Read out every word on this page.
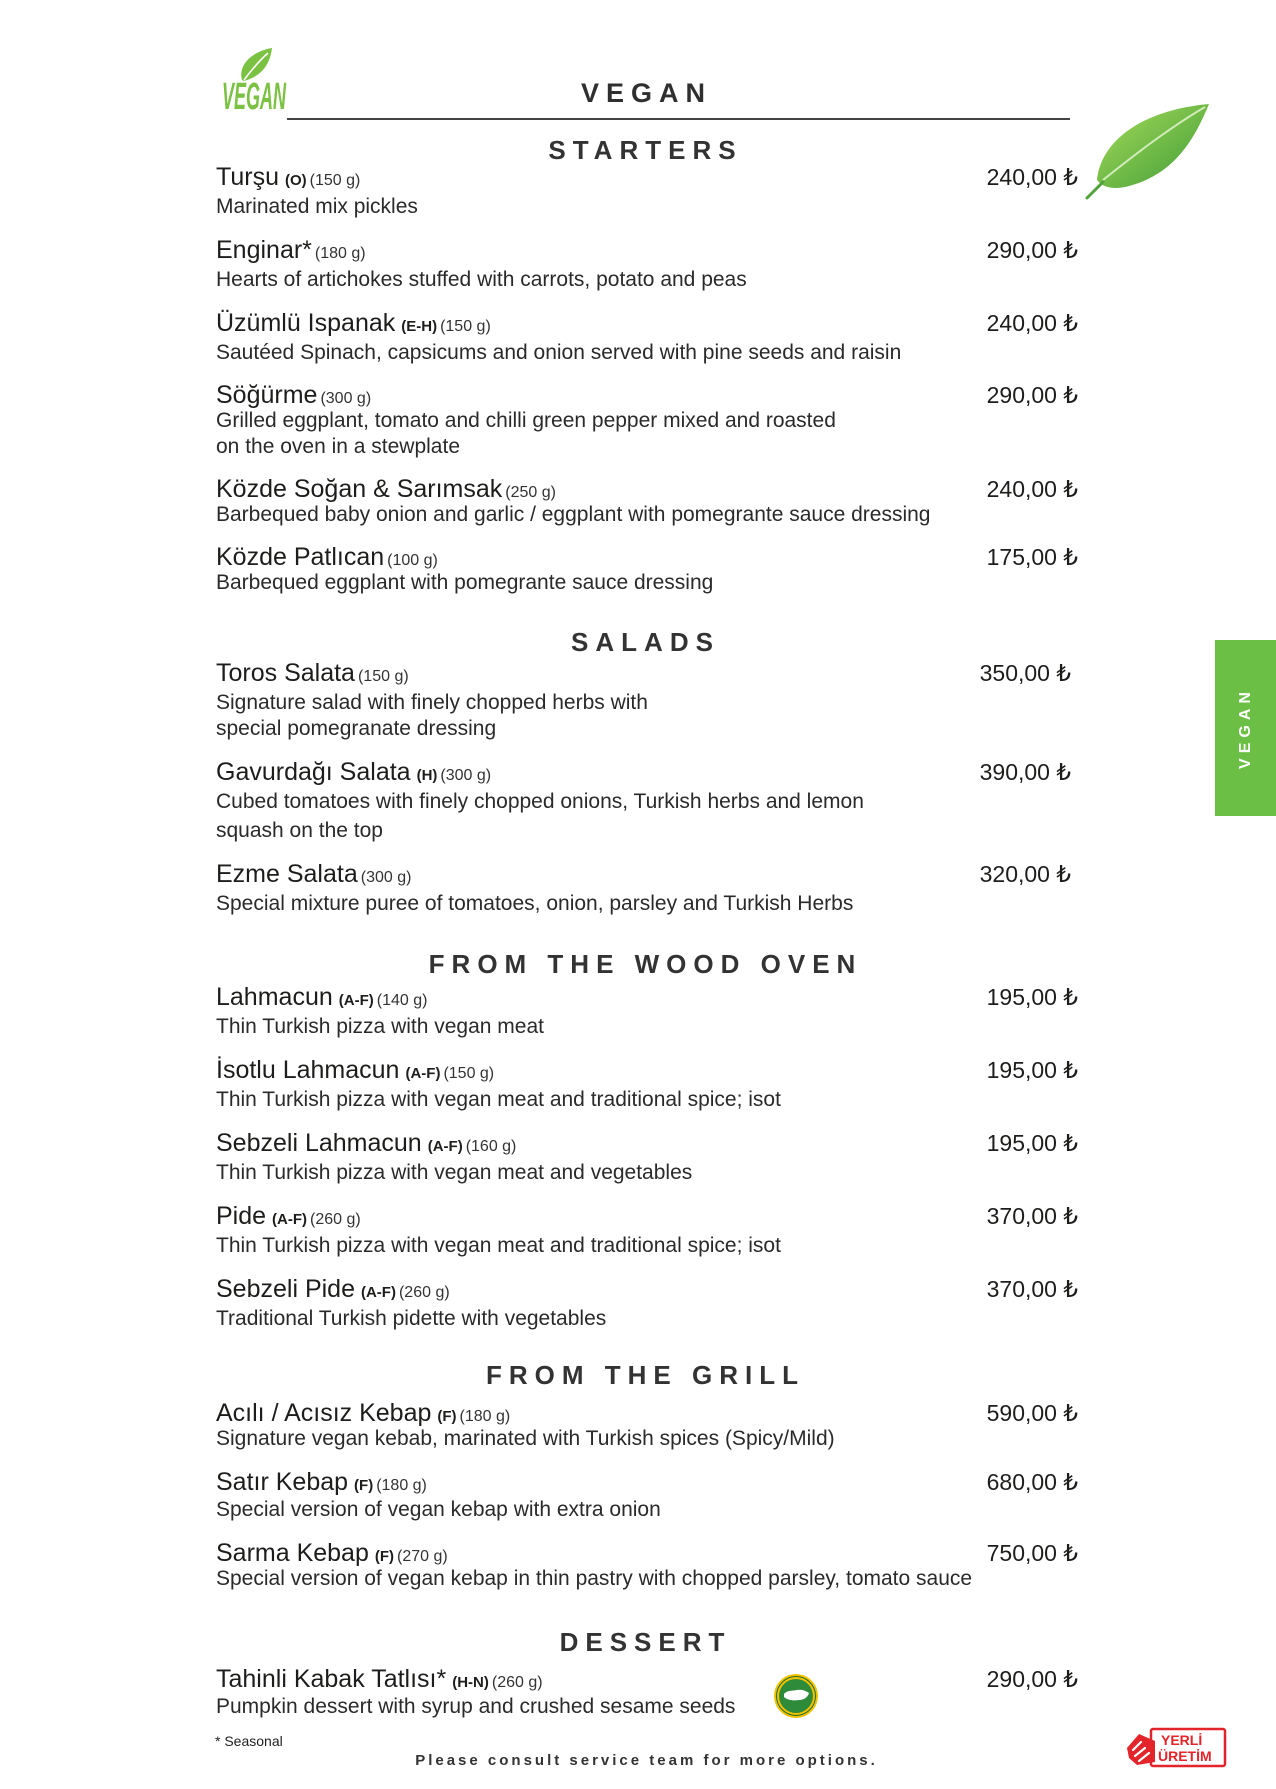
VEGAN	VEGAN
VEGAN
STARTERS
Turşu (O) (150 g)	240,00 ₺
Marinated mix pickles
Enginar* (180 g)	290,00 ₺
Hearts of artichokes stuffed with carrots, potato and peas
Üzümlü Ispanak (E-H) (150 g)	240,00 ₺
Sautéed Spinach, capsicums and onion served with pine seeds and raisin
Söğürme (300 g)	290,00 ₺
Grilled eggplant, tomato and chilli green pepper mixed and roasted
on the oven in a stewplate
Közde Soğan & Sarımsak (250 g)	240,00 ₺
Barbequed baby onion and garlic / eggplant with pomegrante sauce dressing
Közde Patlıcan (100 g)	175,00 ₺
Barbequed eggplant with pomegrante sauce dressing
SALADS
Toros Salata (150 g)	350,00 ₺
Signature salad with finely chopped herbs with
special pomegranate dressing
Gavurdağı Salata (H) (300 g)	390,00 ₺
Cubed tomatoes with finely chopped onions, Turkish herbs and lemon
squash on the top
Ezme Salata (300 g)	320,00 ₺
Special mixture puree of tomatoes, onion, parsley and Turkish Herbs
FROM THE WOOD OVEN
Lahmacun (A-F) (140 g)	195,00 ₺
Thin Turkish pizza with vegan meat
İsotlu Lahmacun (A-F) (150 g)	195,00 ₺
Thin Turkish pizza with vegan meat and traditional spice; isot
Sebzeli Lahmacun (A-F) (160 g)	195,00 ₺
Thin Turkish pizza with vegan meat and vegetables
Pide (A-F) (260 g)	370,00 ₺
Thin Turkish pizza with vegan meat and traditional spice; isot
Sebzeli Pide (A-F) (260 g)	370,00 ₺
Traditional Turkish pidette with vegetables
FROM THE GRILL
Acılı / Acısız Kebap (F) (180 g)	590,00 ₺
Signature vegan kebab, marinated with Turkish spices (Spicy/Mild)
Satır Kebap (F) (180 g)	680,00 ₺
Special version of vegan kebap with extra onion
Sarma Kebap (F) (270 g)	750,00 ₺
Special version of vegan kebap in thin pastry with chopped parsley, tomato sauce
DESSERT
Tahinli Kabak Tatlısı* (H-N) (260 g)	290,00 ₺
Pumpkin dessert with syrup and crushed sesame seeds
* Seasonal
Please consult service team for more options.
YERLİ
ÜRETİM
